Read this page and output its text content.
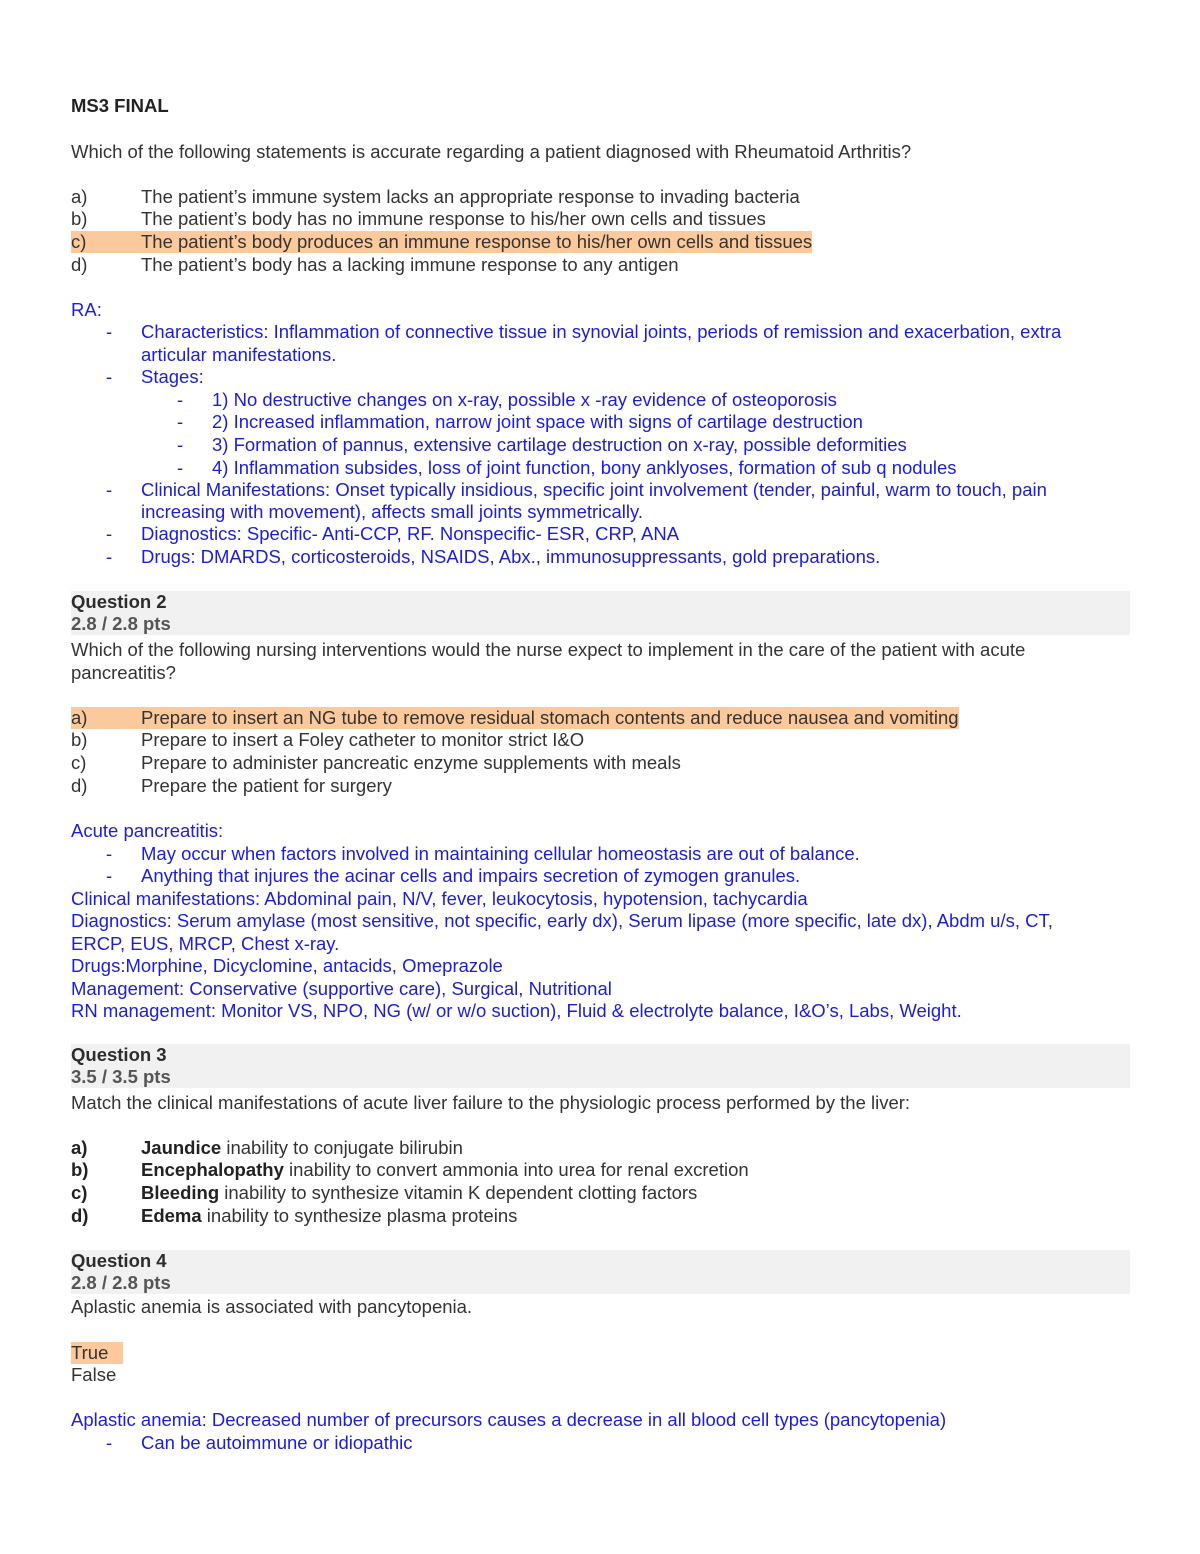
MS3 FINAL
Which of the following statements is accurate regarding a patient diagnosed with Rheumatoid Arthritis?
a)	The patient’s immune system lacks an appropriate response to invading bacteria
b)	The patient’s body has no immune response to his/her own cells and tissues
c)	The patient’s body produces an immune response to his/her own cells and tissues
d)	The patient’s body has a lacking immune response to any antigen
RA:
- Characteristics: Inflammation of connective tissue in synovial joints, periods of remission and exacerbation, extra
articular manifestations.
- Stages:
- 1) No destructive changes on x-ray, possible x -ray evidence of osteoporosis
- 2) Increased inflammation, narrow joint space with signs of cartilage destruction
- 3) Formation of pannus, extensive cartilage destruction on x-ray, possible deformities
- 4) Inflammation subsides, loss of joint function, bony anklyoses, formation of sub q nodules
- Clinical Manifestations: Onset typically insidious, specific joint involvement (tender, painful, warm to touch, pain
increasing with movement), affects small joints symmetrically.
- Diagnostics: Specific- Anti-CCP, RF. Nonspecific- ESR, CRP, ANA
- Drugs: DMARDS, corticosteroids, NSAIDS, Abx., immunosuppressants, gold preparations.
Question 2
2.8 / 2.8 pts
Which of the following nursing interventions would the nurse expect to implement in the care of the patient with acute
pancreatitis?
a)	Prepare to insert an NG tube to remove residual stomach contents and reduce nausea and vomiting
b)	Prepare to insert a Foley catheter to monitor strict I&O
c)	Prepare to administer pancreatic enzyme supplements with meals
d)	Prepare the patient for surgery
Acute pancreatitis:
- May occur when factors involved in maintaining cellular homeostasis are out of balance.
- Anything that injures the acinar cells and impairs secretion of zymogen granules.
Clinical manifestations: Abdominal pain, N/V, fever, leukocytosis, hypotension, tachycardia
Diagnostics: Serum amylase (most sensitive, not specific, early dx), Serum lipase (more specific, late dx), Abdm u/s, CT,
ERCP, EUS, MRCP, Chest x-ray.
Drugs:Morphine, Dicyclomine, antacids, Omeprazole
Management: Conservative (supportive care), Surgical, Nutritional
RN management: Monitor VS, NPO, NG (w/ or w/o suction), Fluid & electrolyte balance, I&O’s, Labs, Weight.
Question 3
3.5 / 3.5 pts
Match the clinical manifestations of acute liver failure to the physiologic process performed by the liver:
a)	Jaundice inability to conjugate bilirubin
b)	Encephalopathy inability to convert ammonia into urea for renal excretion
c)	Bleeding inability to synthesize vitamin K dependent clotting factors
d)	Edema inability to synthesize plasma proteins
Question 4
2.8 / 2.8 pts
Aplastic anemia is associated with pancytopenia.
True
False
Aplastic anemia: Decreased number of precursors causes a decrease in all blood cell types (pancytopenia)
- Can be autoimmune or idiopathic
